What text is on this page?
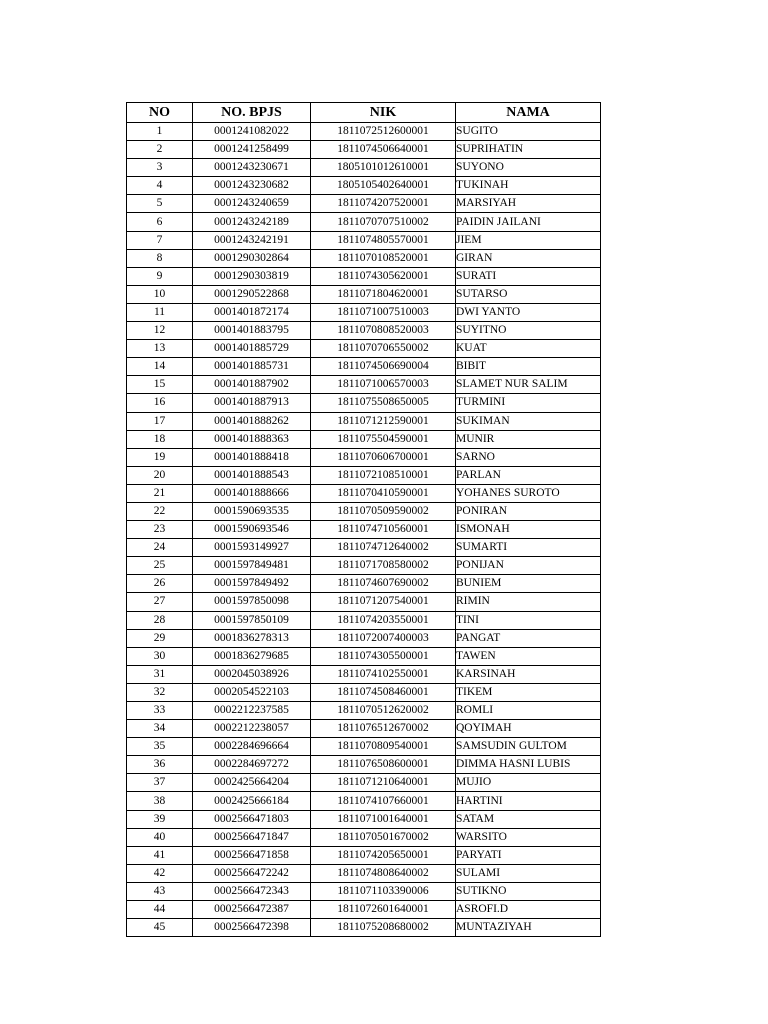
NO	NO. BPJS	NIK	NAMA
1	0001241082022	1811072512600001	SUGITO
2	0001241258499	1811074506640001	SUPRIHATIN
3	0001243230671	1805101012610001	SUYONO
4	0001243230682	1805105402640001	TUKINAH
5	0001243240659	1811074207520001	MARSIYAH
6	0001243242189	1811070707510002	PAIDIN JAILANI
7	0001243242191	1811074805570001	JIEM
8	0001290302864	1811070108520001	GIRAN
9	0001290303819	1811074305620001	SURATI
10	0001290522868	1811071804620001	SUTARSO
11	0001401872174	1811071007510003	DWI YANTO
12	0001401883795	1811070808520003	SUYITNO
13	0001401885729	1811070706550002	KUAT
14	0001401885731	1811074506690004	BIBIT
15	0001401887902	1811071006570003	SLAMET NUR SALIM
16	0001401887913	1811075508650005	TURMINI
17	0001401888262	1811071212590001	SUKIMAN
18	0001401888363	1811075504590001	MUNIR
19	0001401888418	1811070606700001	SARNO
20	0001401888543	1811072108510001	PARLAN
21	0001401888666	1811070410590001	YOHANES SUROTO
22	0001590693535	1811070509590002	PONIRAN
23	0001590693546	1811074710560001	ISMONAH
24	0001593149927	1811074712640002	SUMARTI
25	0001597849481	1811071708580002	PONIJAN
26	0001597849492	1811074607690002	BUNIEM
27	0001597850098	1811071207540001	RIMIN
28	0001597850109	1811074203550001	TINI
29	0001836278313	1811072007400003	PANGAT
30	0001836279685	1811074305500001	TAWEN
31	0002045038926	1811074102550001	KARSINAH
32	0002054522103	1811074508460001	TIKEM
33	0002212237585	1811070512620002	ROMLI
34	0002212238057	1811076512670002	QOYIMAH
35	0002284696664	1811070809540001	SAMSUDIN GULTOM
36	0002284697272	1811076508600001	DIMMA HASNI LUBIS
37	0002425664204	1811071210640001	MUJIO
38	0002425666184	1811074107660001	HARTINI
39	0002566471803	1811071001640001	SATAM
40	0002566471847	1811070501670002	WARSITO
41	0002566471858	1811074205650001	PARYATI
42	0002566472242	1811074808640002	SULAMI
43	0002566472343	1811071103390006	SUTIKNO
44	0002566472387	1811072601640001	ASROFI.D
45	0002566472398	1811075208680002	MUNTAZIYAH
